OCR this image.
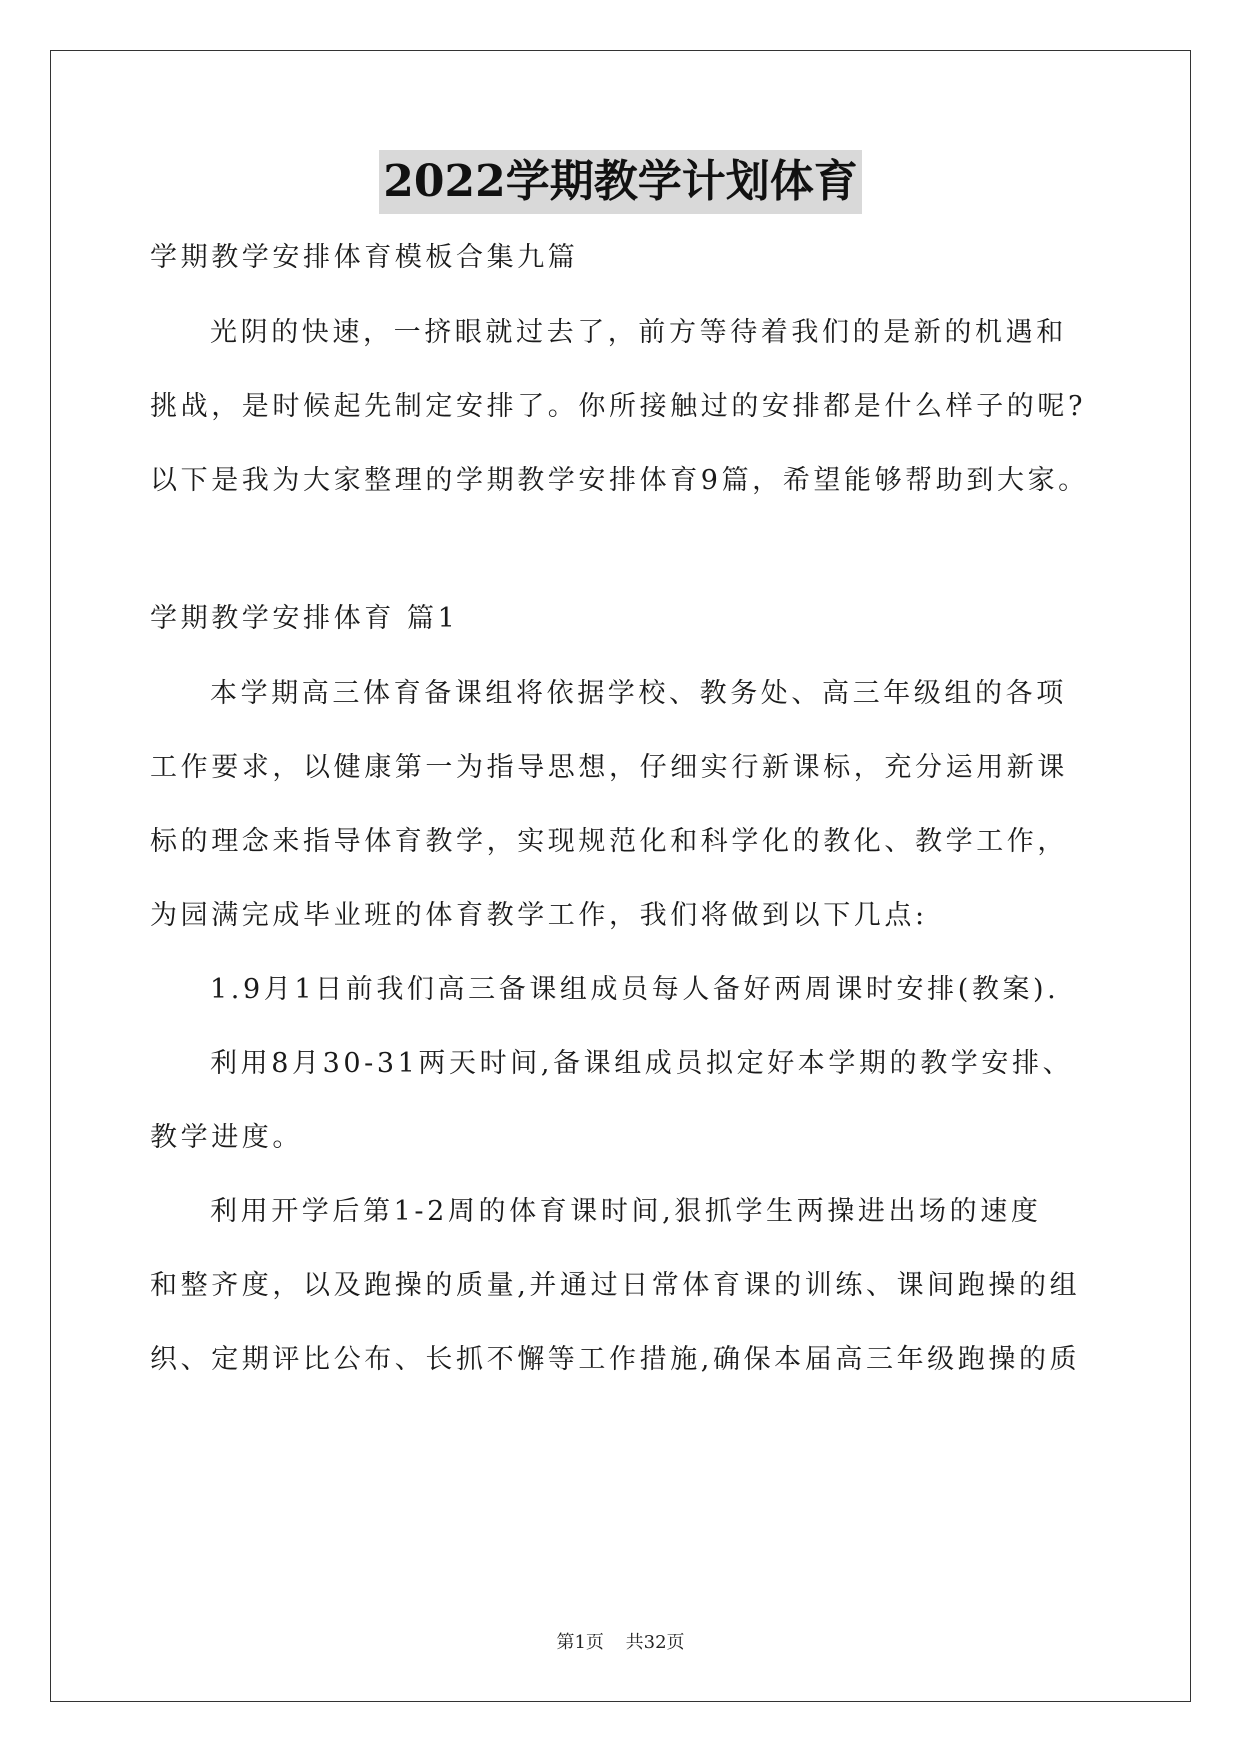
2022学期教学计划体育
学期教学安排体育模板合集九篇
光阴的快速，一挤眼就过去了，前方等待着我们的是新的机遇和
挑战，是时候起先制定安排了。你所接触过的安排都是什么样子的呢?
以下是我为大家整理的学期教学安排体育9篇，希望能够帮助到大家。
学期教学安排体育 篇1
本学期高三体育备课组将依据学校、教务处、高三年级组的各项
工作要求，以健康第一为指导思想，仔细实行新课标，充分运用新课
标的理念来指导体育教学，实现规范化和科学化的教化、教学工作，
为园满完成毕业班的体育教学工作，我们将做到以下几点:
1.9月1日前我们高三备课组成员每人备好两周课时安排(教案).
利用8月30-31两天时间,备课组成员拟定好本学期的教学安排、
教学进度。
利用开学后第1-2周的体育课时间,狠抓学生两操进出场的速度
和整齐度，以及跑操的质量,并通过日常体育课的训练、课间跑操的组
织、定期评比公布、长抓不懈等工作措施,确保本届高三年级跑操的质
第1页 共32页
